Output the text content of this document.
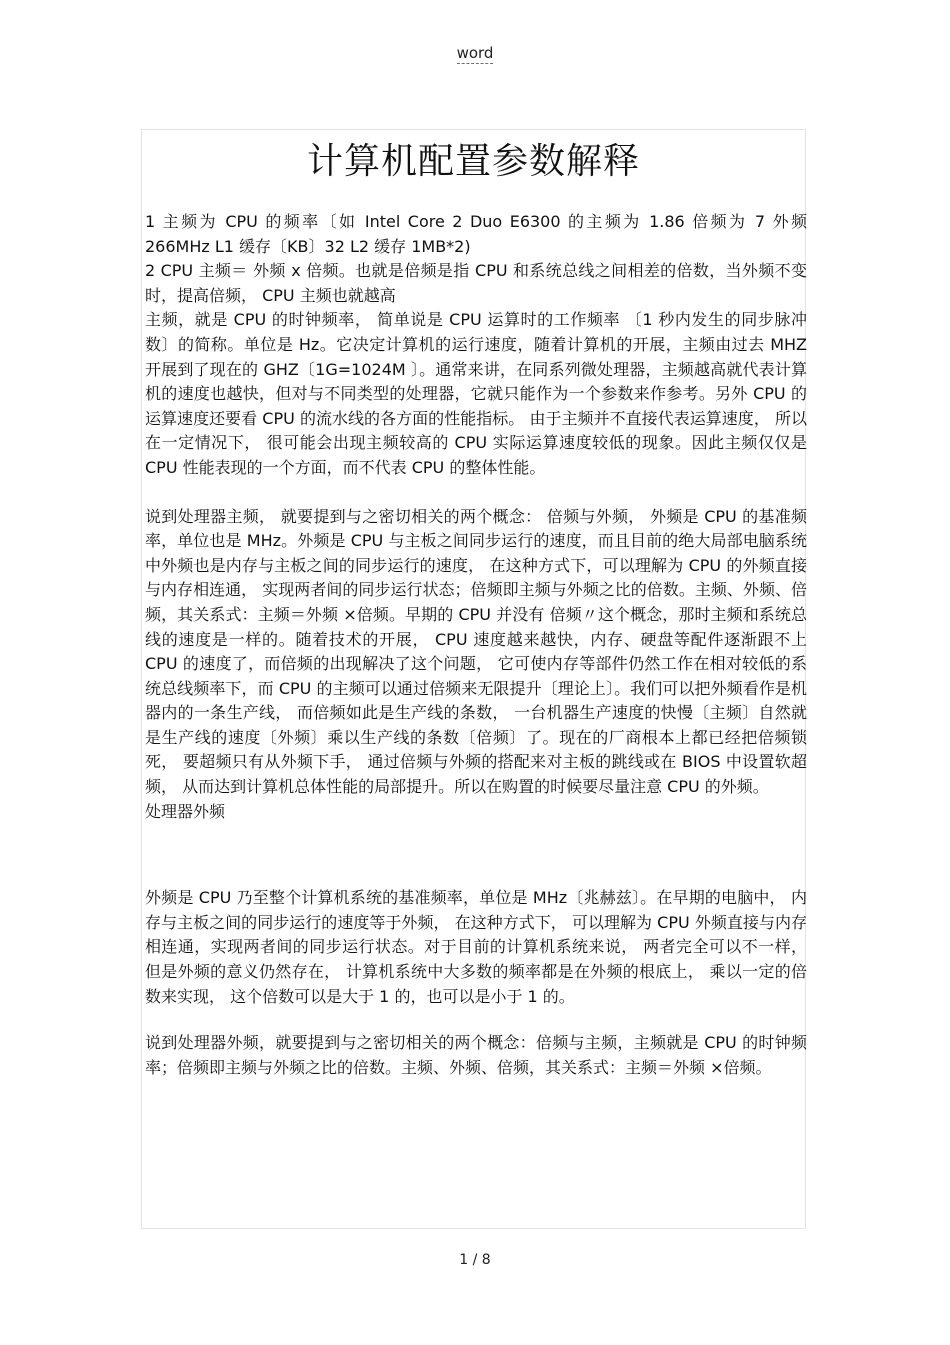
word
计算机配置参数解释

1 主频为 CPU 的频率〔如 Intel Core 2 Duo E6300 的主频为 1.86 倍频为 7 外频 266MHz L1 缓存〔KB〕32 L2 缓存 1MB*2)

2 CPU 主频＝ 外频 x 倍频。也就是倍频是指 CPU 和系统总线之间相差的倍数，当外频不变时，提高倍频， CPU 主频也就越高

主频，就是 CPU 的时钟频率， 简单说是 CPU 运算时的工作频率 〔1 秒内发生的同步脉冲数〕的简称。单位是 Hz。它决定计算机的运行速度，随着计算机的开展，主频由过去 MHZ 开展到了现在的 GHZ〔1G=1024M 〕。通常来讲，在同系列微处理器，主频越高就代表计算机的速度也越快，但对与不同类型的处理器，它就只能作为一个参数来作参考。另外 CPU 的运算速度还要看 CPU 的流水线的各方面的性能指标。 由于主频并不直接代表运算速度， 所以在一定情况下， 很可能会出现主频较高的 CPU 实际运算速度较低的现象。因此主频仅仅是 CPU 性能表现的一个方面，而不代表 CPU 的整体性能。

说到处理器主频， 就要提到与之密切相关的两个概念： 倍频与外频， 外频是 CPU 的基准频率，单位也是 MHz。外频是 CPU 与主板之间同步运行的速度，而且目前的绝大局部电脑系统中外频也是内存与主板之间的同步运行的速度， 在这种方式下，可以理解为 CPU 的外频直接与内存相连通， 实现两者间的同步运行状态；倍频即主频与外频之比的倍数。主频、外频、倍频，其关系式：主频＝外频 ×倍频。早期的 CPU 并没有 倍频〃这个概念，那时主频和系统总线的速度是一样的。随着技术的开展， CPU 速度越来越快，内存、硬盘等配件逐渐跟不上 CPU 的速度了，而倍频的出现解决了这个问题， 它可使内存等部件仍然工作在相对较低的系统总线频率下，而 CPU 的主频可以通过倍频来无限提升〔理论上〕。我们可以把外频看作是机器内的一条生产线， 而倍频如此是生产线的条数， 一台机器生产速度的快慢〔主频〕自然就是生产线的速度〔外频〕乘以生产线的条数〔倍频〕了。现在的厂商根本上都已经把倍频锁死， 要超频只有从外频下手， 通过倍频与外频的搭配来对主板的跳线或在 BIOS 中设置软超频， 从而达到计算机总体性能的局部提升。所以在购置的时候要尽量注意 CPU 的外频。

处理器外频

外频是 CPU 乃至整个计算机系统的基准频率，单位是 MHz〔兆赫兹〕。在早期的电脑中， 内存与主板之间的同步运行的速度等于外频， 在这种方式下， 可以理解为 CPU 外频直接与内存相连通，实现两者间的同步运行状态。对于目前的计算机系统来说， 两者完全可以不一样， 但是外频的意义仍然存在， 计算机系统中大多数的频率都是在外频的根底上， 乘以一定的倍数来实现， 这个倍数可以是大于 1 的，也可以是小于 1 的。

说到处理器外频，就要提到与之密切相关的两个概念：倍频与主频，主频就是 CPU 的时钟频率；倍频即主频与外频之比的倍数。主频、外频、倍频，其关系式：主频＝外频 ×倍频。

1 / 8
